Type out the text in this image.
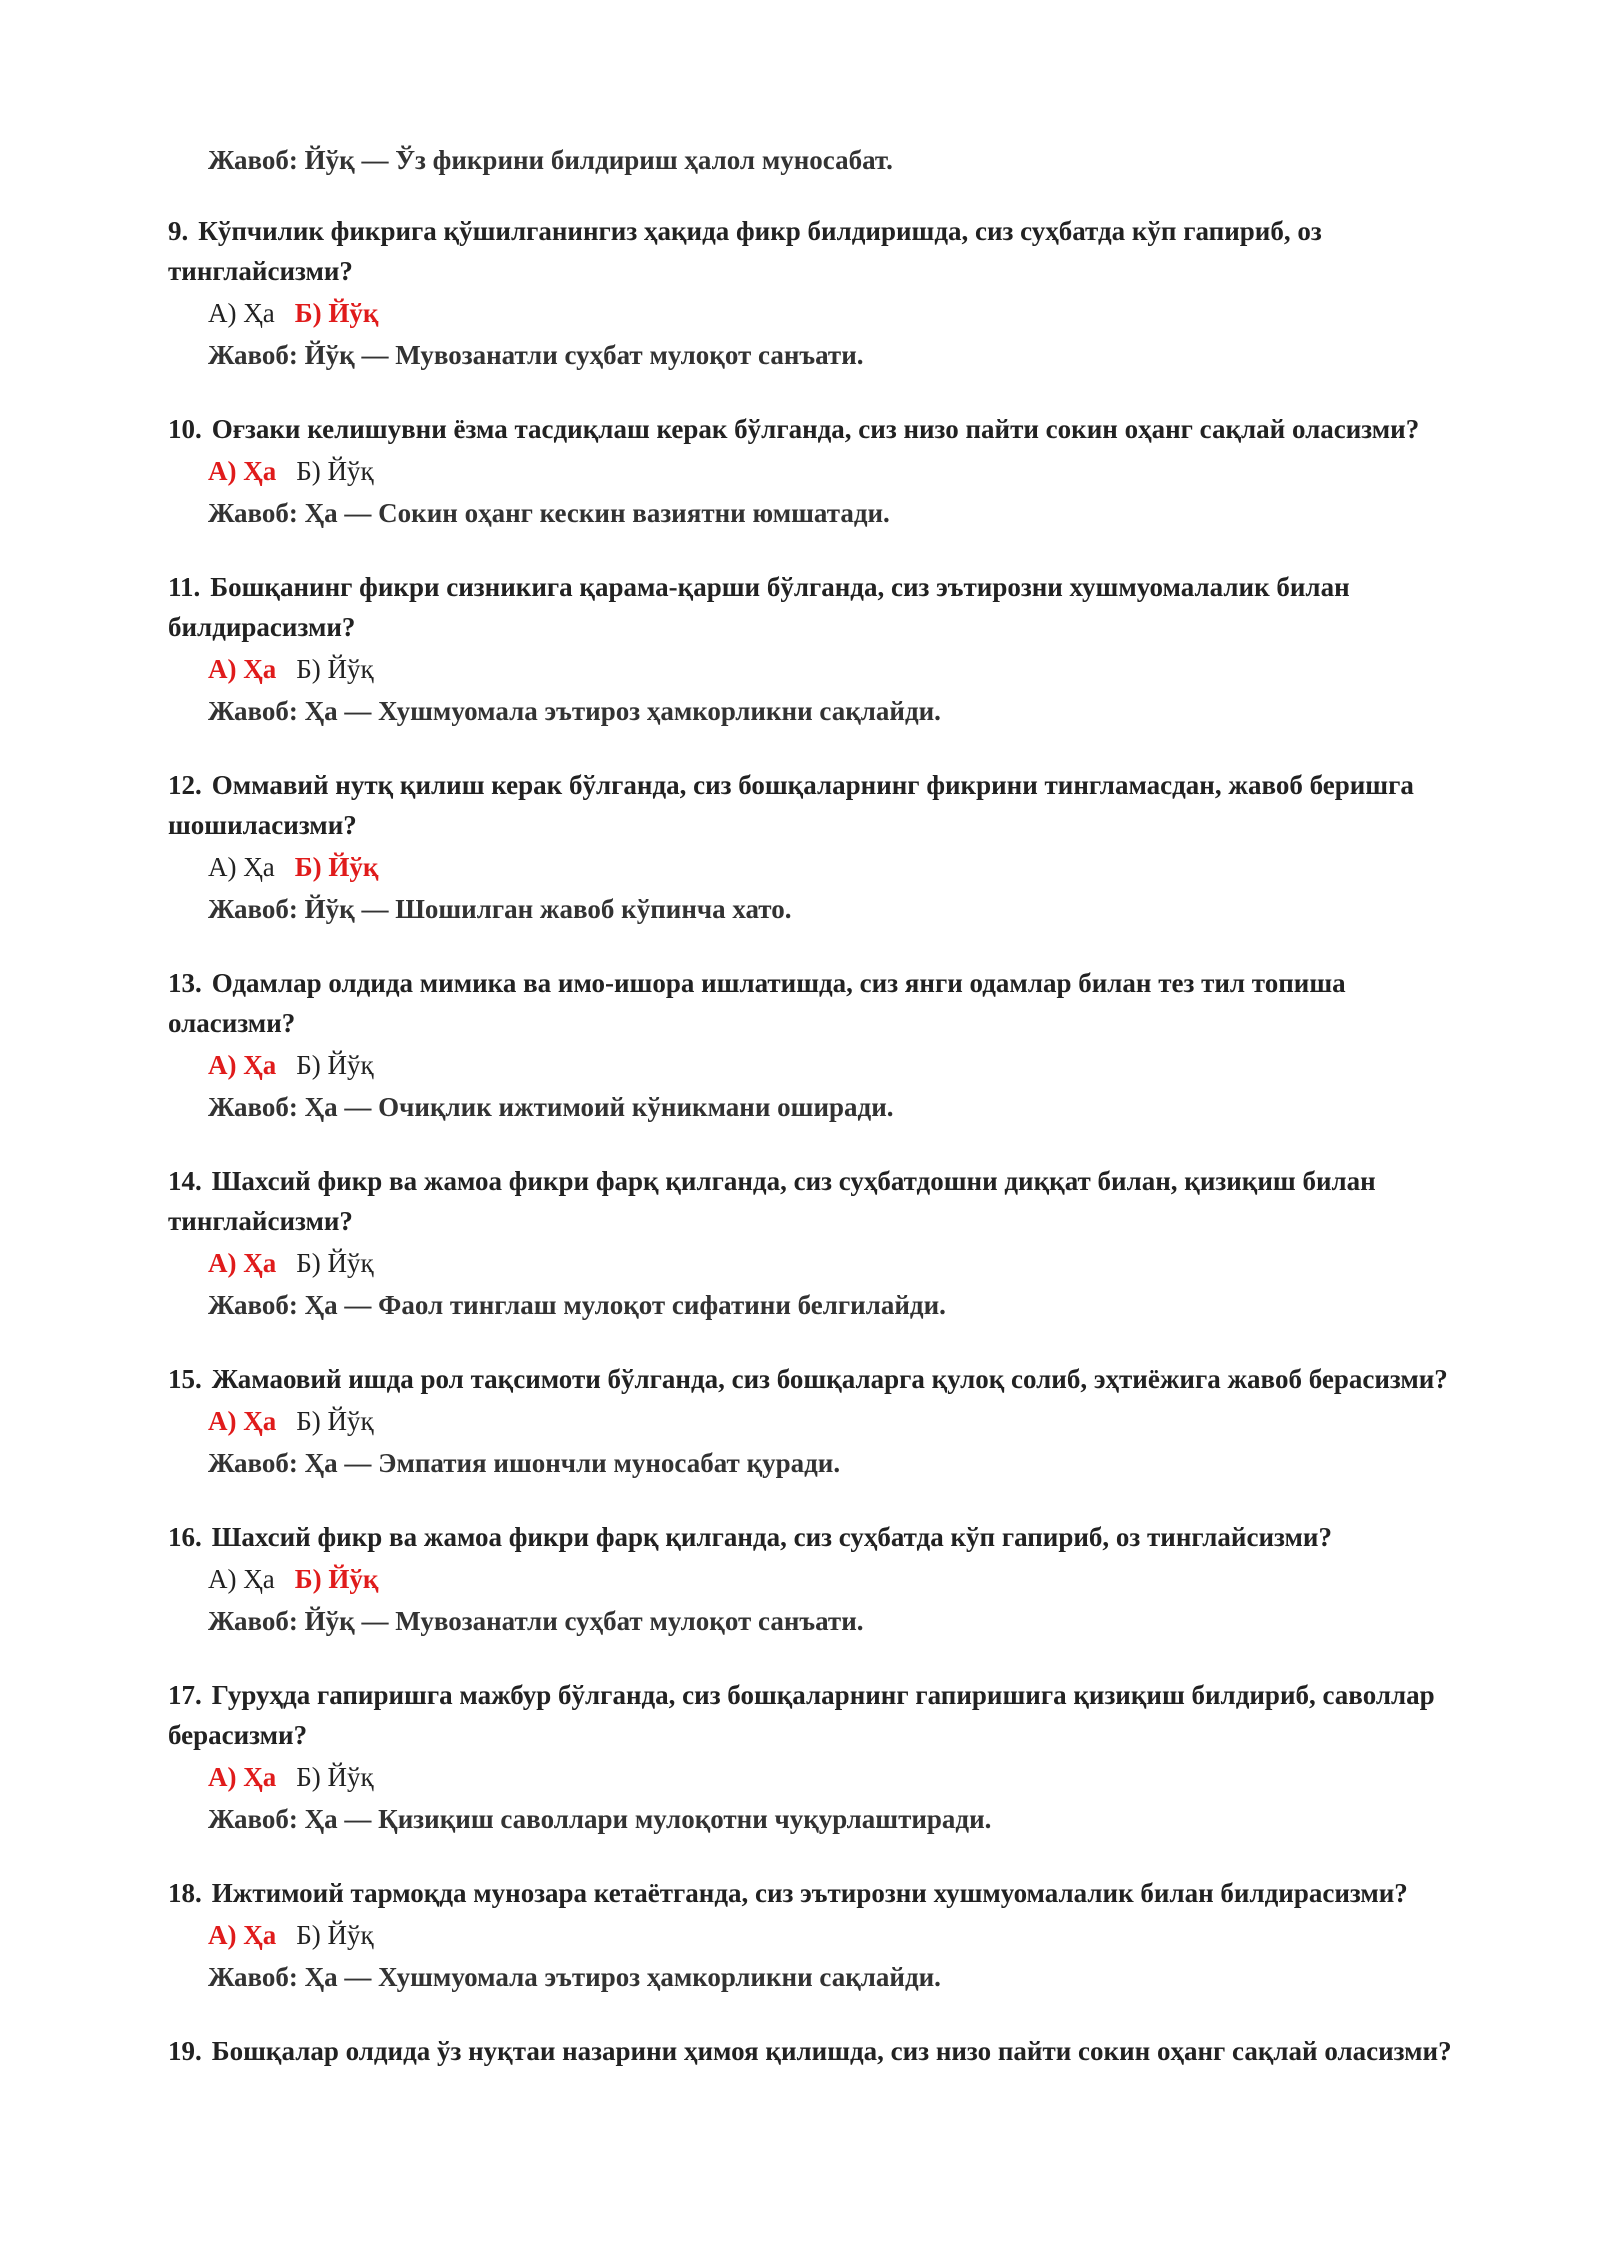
Жавоб: Йўқ — Ўз фикрини билдириш ҳалол муносабат.
9. Кўпчилик фикрига қўшилганингиз ҳақида фикр билдиришда, сиз суҳбатда кўп гапириб, оз тинглайсизми?
А) Ҳа Б) Йўқ
Жавоб: Йўқ — Мувозанатли суҳбат мулоқот санъати.
10. Оғзаки келишувни ёзма тасдиқлаш керак бўлганда, сиз низо пайти сокин оҳанг сақлай оласизми?
А) Ҳа Б) Йўқ
Жавоб: Ҳа — Сокин оҳанг кескин вазиятни юмшатади.
11. Бошқанинг фикри сизникига қарама-қарши бўлганда, сиз эътирозни хушмуомалалик билан билдирасизми?
А) Ҳа Б) Йўқ
Жавоб: Ҳа — Хушмуомала эътироз ҳамкорликни сақлайди.
12. Оммавий нутқ қилиш керак бўлганда, сиз бошқаларнинг фикрини тингламасдан, жавоб беришга шошиласизми?
А) Ҳа Б) Йўқ
Жавоб: Йўқ — Шошилган жавоб кўпинча хато.
13. Одамлар олдида мимика ва имо-ишора ишлатишда, сиз янги одамлар билан тез тил топиша оласизми?
А) Ҳа Б) Йўқ
Жавоб: Ҳа — Очиқлик ижтимоий кўникмани оширади.
14. Шахсий фикр ва жамоа фикри фарқ қилганда, сиз суҳбатдошни диққат билан, қизиқиш билан тинглайсизми?
А) Ҳа Б) Йўқ
Жавоб: Ҳа — Фаол тинглаш мулоқот сифатини белгилайди.
15. Жамаовий ишда рол тақсимоти бўлганда, сиз бошқаларга қулоқ солиб, эҳтиёжига жавоб берасизми?
А) Ҳа Б) Йўқ
Жавоб: Ҳа — Эмпатия ишончли муносабат қуради.
16. Шахсий фикр ва жамоа фикри фарқ қилганда, сиз суҳбатда кўп гапириб, оз тинглайсизми?
А) Ҳа Б) Йўқ
Жавоб: Йўқ — Мувозанатли суҳбат мулоқот санъати.
17. Гуруҳда гапиришга мажбур бўлганда, сиз бошқаларнинг гапиришига қизиқиш билдириб, саволлар берасизми?
А) Ҳа Б) Йўқ
Жавоб: Ҳа — Қизиқиш саволлари мулоқотни чуқурлаштиради.
18. Ижтимоий тармоқда мунозара кетаётганда, сиз эътирозни хушмуомалалик билан билдирасизми?
А) Ҳа Б) Йўқ
Жавоб: Ҳа — Хушмуомала эътироз ҳамкорликни сақлайди.
19. Бошқалар олдида ўз нуқтаи назарини ҳимоя қилишда, сиз низо пайти сокин оҳанг сақлай оласизми?
